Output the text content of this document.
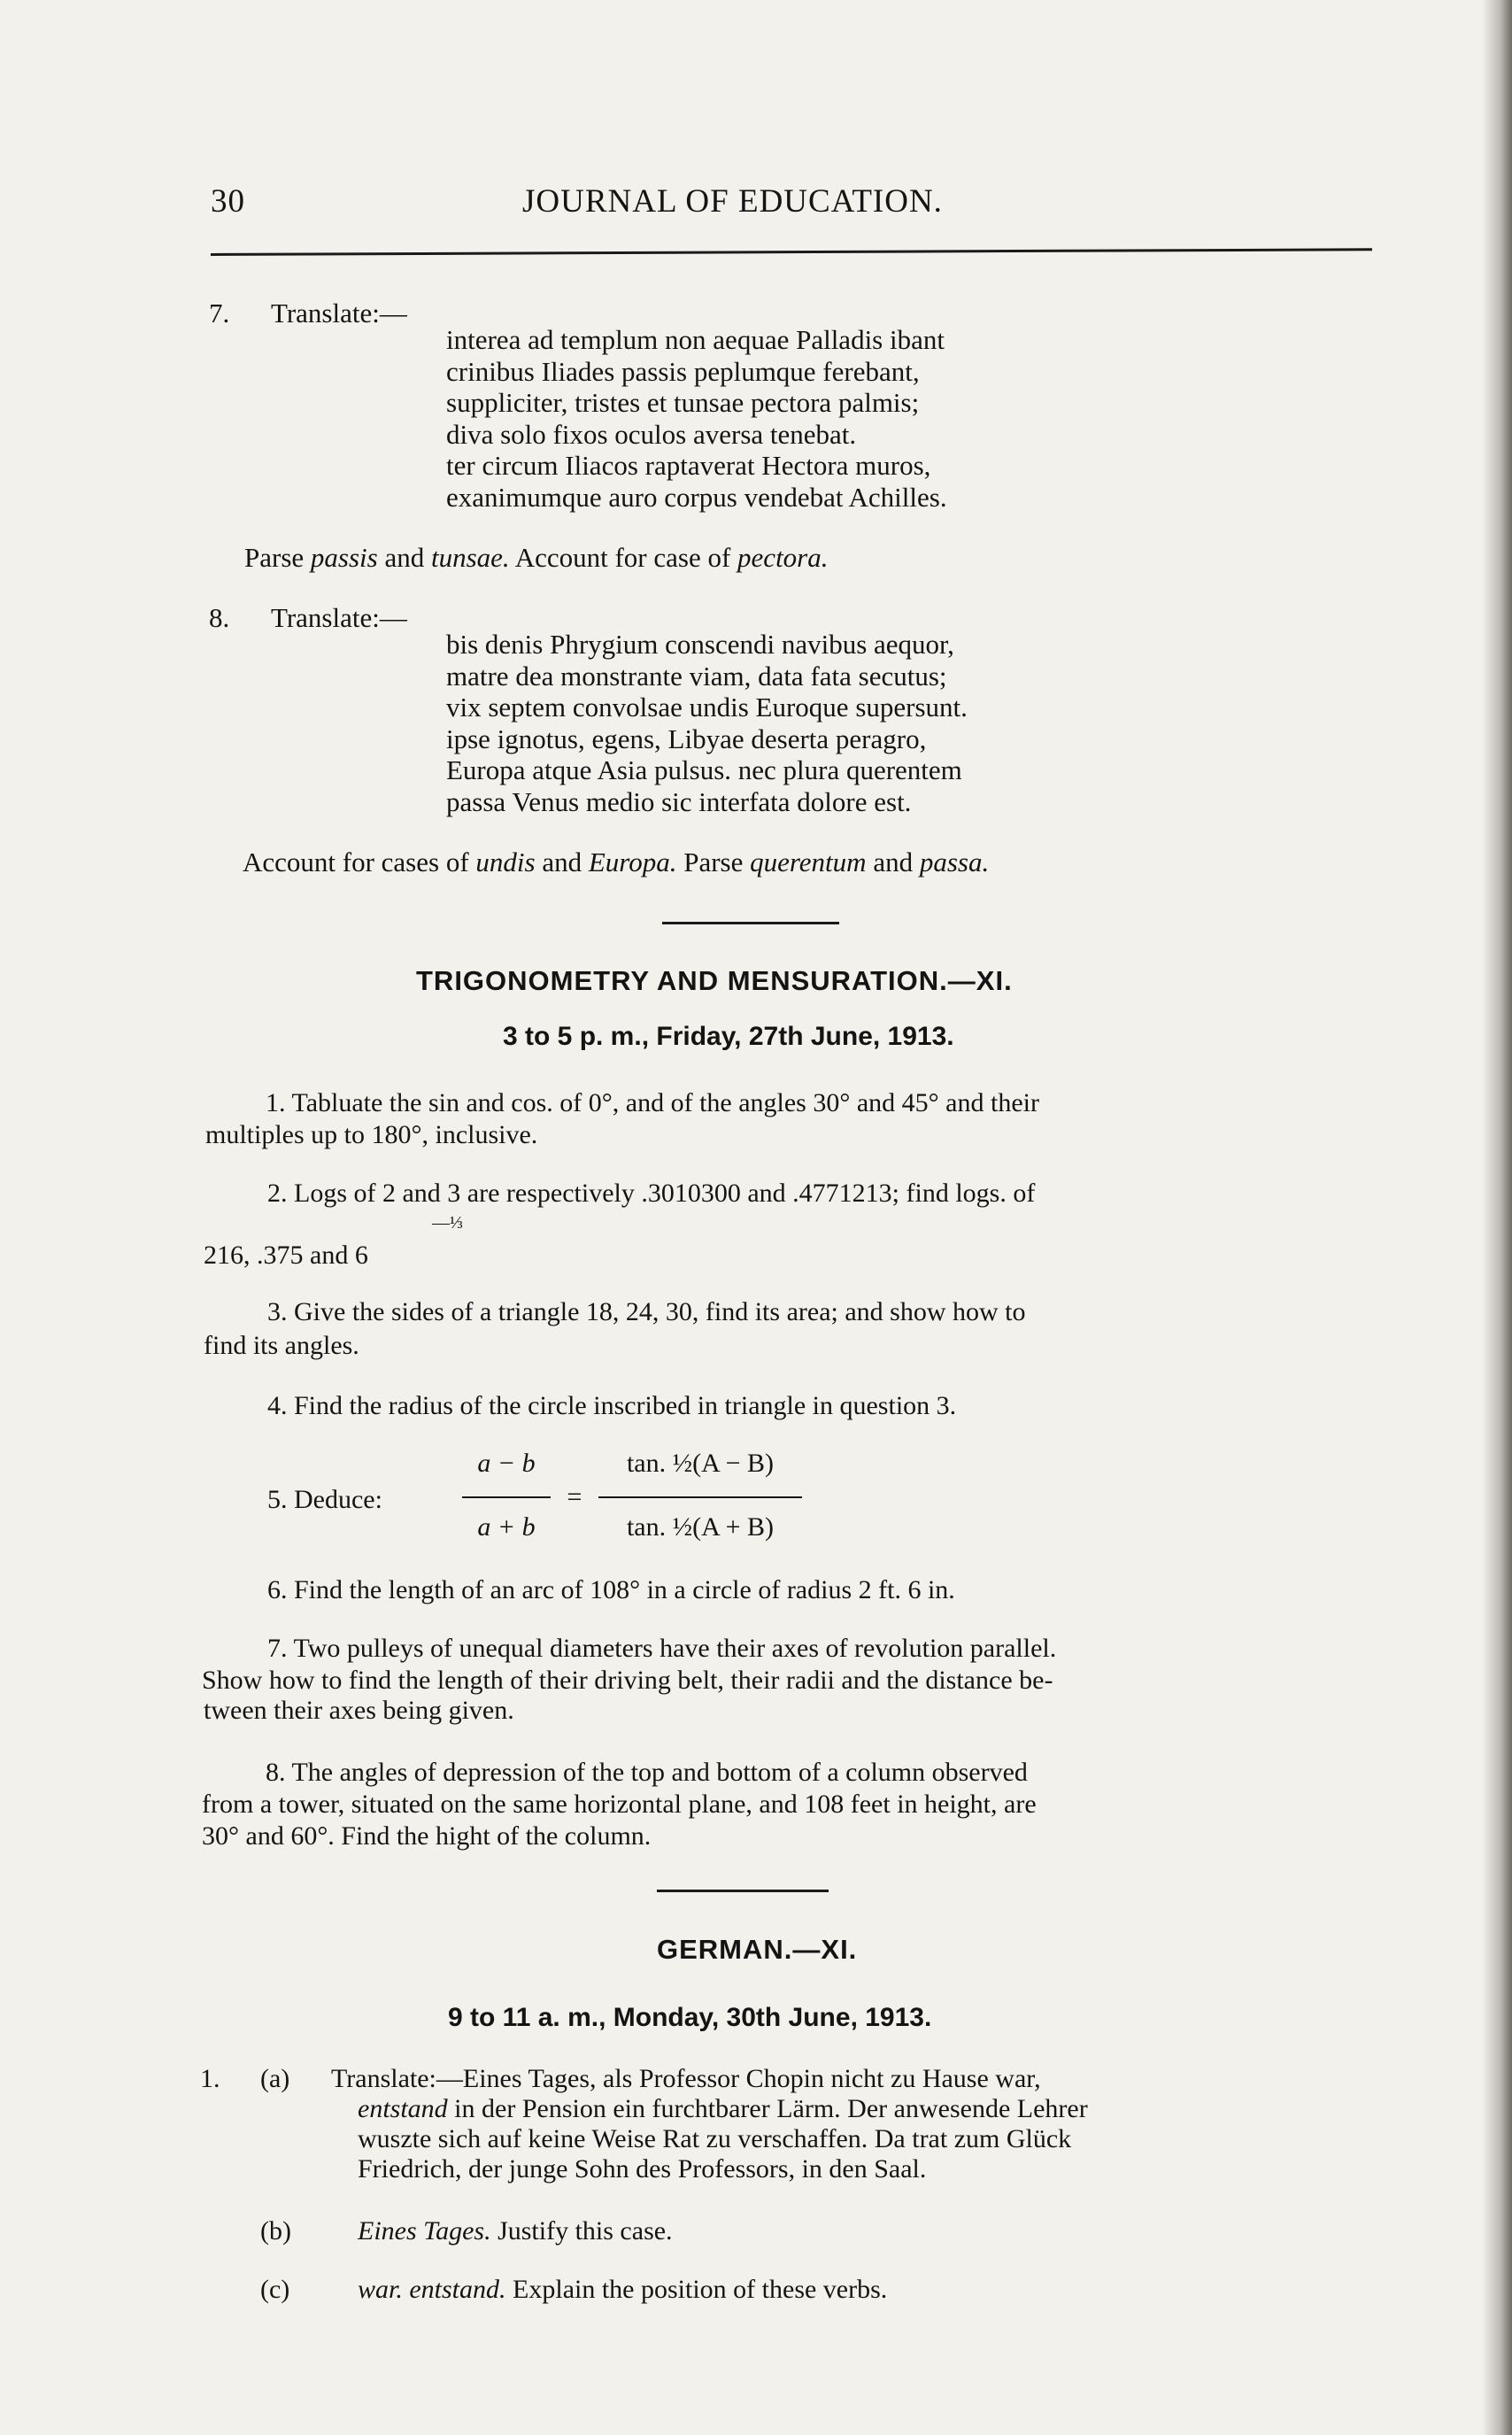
30	JOURNAL OF EDUCATION.
7. Translate:—
interea ad templum non aequae Palladis ibant
crinibus Iliades passis peplumque ferebant,
suppliciter, tristes et tunsae pectora palmis;
diva solo fixos oculos aversa tenebat.
ter circum Iliacos raptaverat Hectora muros,
exanimumque auro corpus vendebat Achilles.
Parse passis and tunsae. Account for case of pectora.
8. Translate:—
bis denis Phrygium conscendi navibus aequor,
matre dea monstrante viam, data fata secutus;
vix septem convolsae undis Euroque supersunt.
ipse ignotus, egens, Libyae deserta peragro,
Europa atque Asia pulsus. nec plura querentem
passa Venus medio sic interfata dolore est.
Account for cases of undis and Europa. Parse querentum and passa.
TRIGONOMETRY AND MENSURATION.—XI.
3 to 5 p. m., Friday, 27th June, 1913.
1. Tabluate the sin and cos. of 0°, and of the angles 30° and 45° and their
multiples up to 180°, inclusive.
2. Logs of 2 and 3 are respectively .3010300 and .4771213; find logs. of
—⅓
216, .375 and 6
3. Give the sides of a triangle 18, 24, 30, find its area; and show how to
find its angles.
4. Find the radius of the circle inscribed in triangle in question 3.
5. Deduce:
a − b
a + b
=
tan. ½(A − B)
tan. ½(A + B)
6. Find the length of an arc of 108° in a circle of radius 2 ft. 6 in.
7. Two pulleys of unequal diameters have their axes of revolution parallel.
Show how to find the length of their driving belt, their radii and the distance be-
tween their axes being given.
8. The angles of depression of the top and bottom of a column observed
from a tower, situated on the same horizontal plane, and 108 feet in height, are
30° and 60°. Find the hight of the column.
GERMAN.—XI.
9 to 11 a. m., Monday, 30th June, 1913.
1. (a) Translate:—Eines Tages, als Professor Chopin nicht zu Hause war,
entstand in der Pension ein furchtbarer Lärm. Der anwesende Lehrer
wuszte sich auf keine Weise Rat zu verschaffen. Da trat zum Glück
Friedrich, der junge Sohn des Professors, in den Saal.
(b)	Eines Tages. Justify this case.
(c)	war. entstand. Explain the position of these verbs.
